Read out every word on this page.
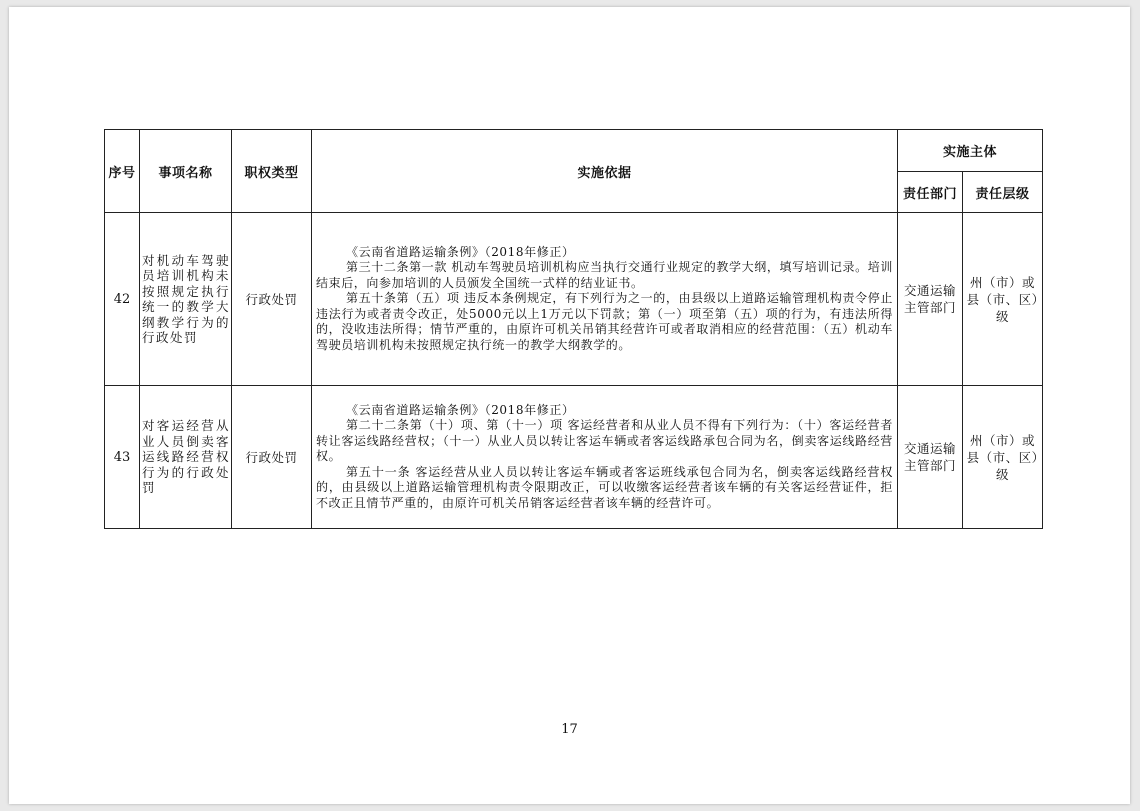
序号	事项名称	职权类型	实施依据	实施主体	
				责任部门	责任层级
42	对机动车驾驶员培训机构未按照规定执行统一的教学大纲教学行为的行政处罚	行政处罚	《云南省道路运输条例》（2018年修正）

第三十二条第一款 机动车驾驶员培训机构应当执行交通行业规定的教学大纲，填写培训记录。培训结束后，向参加培训的人员颁发全国统一式样的结业证书。

第五十条第（五）项 违反本条例规定，有下列行为之一的，由县级以上道路运输管理机构责令停止违法行为或者责令改正，处5000元以上1万元以下罚款；第（一）项至第（五）项的行为，有违法所得的，没收违法所得；情节严重的，由原许可机关吊销其经营许可或者取消相应的经营范围：（五）机动车驾驶员培训机构未按照规定执行统一的教学大纲教学的。	交通运输主管部门	州（市）或县（市、区）级
43	对客运经营从业人员倒卖客运线路经营权行为的行政处罚	行政处罚	《云南省道路运输条例》（2018年修正）

第二十二条第（十）项、第（十一）项 客运经营者和从业人员不得有下列行为：（十）客运经营者转让客运线路经营权；（十一）从业人员以转让客运车辆或者客运线路承包合同为名，倒卖客运线路经营权。

第五十一条 客运经营从业人员以转让客运车辆或者客运班线承包合同为名，倒卖客运线路经营权的，由县级以上道路运输管理机构责令限期改正，可以收缴客运经营者该车辆的有关客运经营证件，拒不改正且情节严重的，由原许可机关吊销客运经营者该车辆的经营许可。	交通运输主管部门	州（市）或县（市、区）级
17
